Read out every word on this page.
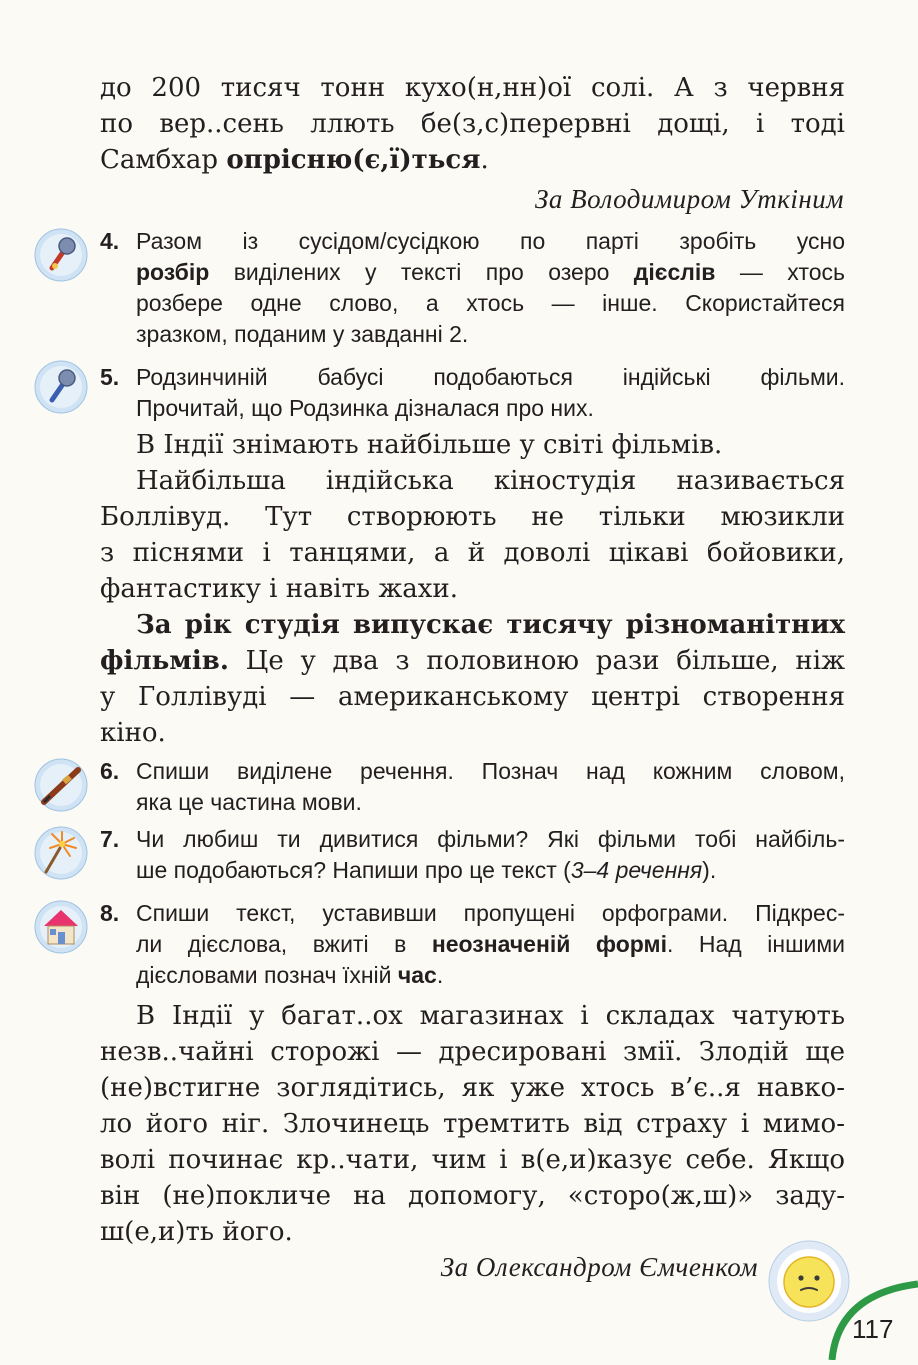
до 200 тисяч тонн кухо(н,нн)ої солі. А з червня
по вер..сень ллють бе(з,с)перервні дощі, і тоді
Самбхар опрісню(є,ї)ться.
За Володимиром Уткіним
4. Разом із сусідом/сусідкою по парті зробіть усно
розбір виділених у тексті про озеро дієслів — хтось
розбере одне слово, а хтось — інше. Скористайтеся
зразком, поданим у завданні 2.
5. Родзинчиній бабусі подобаються індійські фільми.
Прочитай, що Родзинка дізналася про них.
В Індії знімають найбільше у світі фільмів.
Найбільша індійська кіностудія називається
Боллівуд. Тут створюють не тільки мюзикли
з піснями і танцями, а й доволі цікаві бойовики,
фантастику і навіть жахи.
За рік студія випускає тисячу різноманітних
фільмів. Це у два з половиною рази більше, ніж
у Голлівуді — американському центрі створення
кіно.
6. Спиши виділене речення. Познач над кожним словом,
яка це частина мови.
7. Чи любиш ти дивитися фільми? Які фільми тобі найбіль-
ше подобаються? Напиши про це текст (3–4 речення).
8. Спиши текст, уставивши пропущені орфограми. Підкрес-
ли дієслова, вжиті в неозначеній формі. Над іншими
дієсловами познач їхній час.
В Індії у багат..ох магазинах і складах чатують
незв..чайні сторожі — дресировані змії. Злодій ще
(не)встигне зоглядітись, як уже хтось в’є..я навко-
ло його ніг. Злочинець тремтить від страху і мимо-
волі починає кр..чати, чим і в(е,и)казує себе. Якщо
він (не)покличе на допомогу, «сторо(ж,ш)» заду-
ш(е,и)ть його.
За Олександром Ємченком
117
